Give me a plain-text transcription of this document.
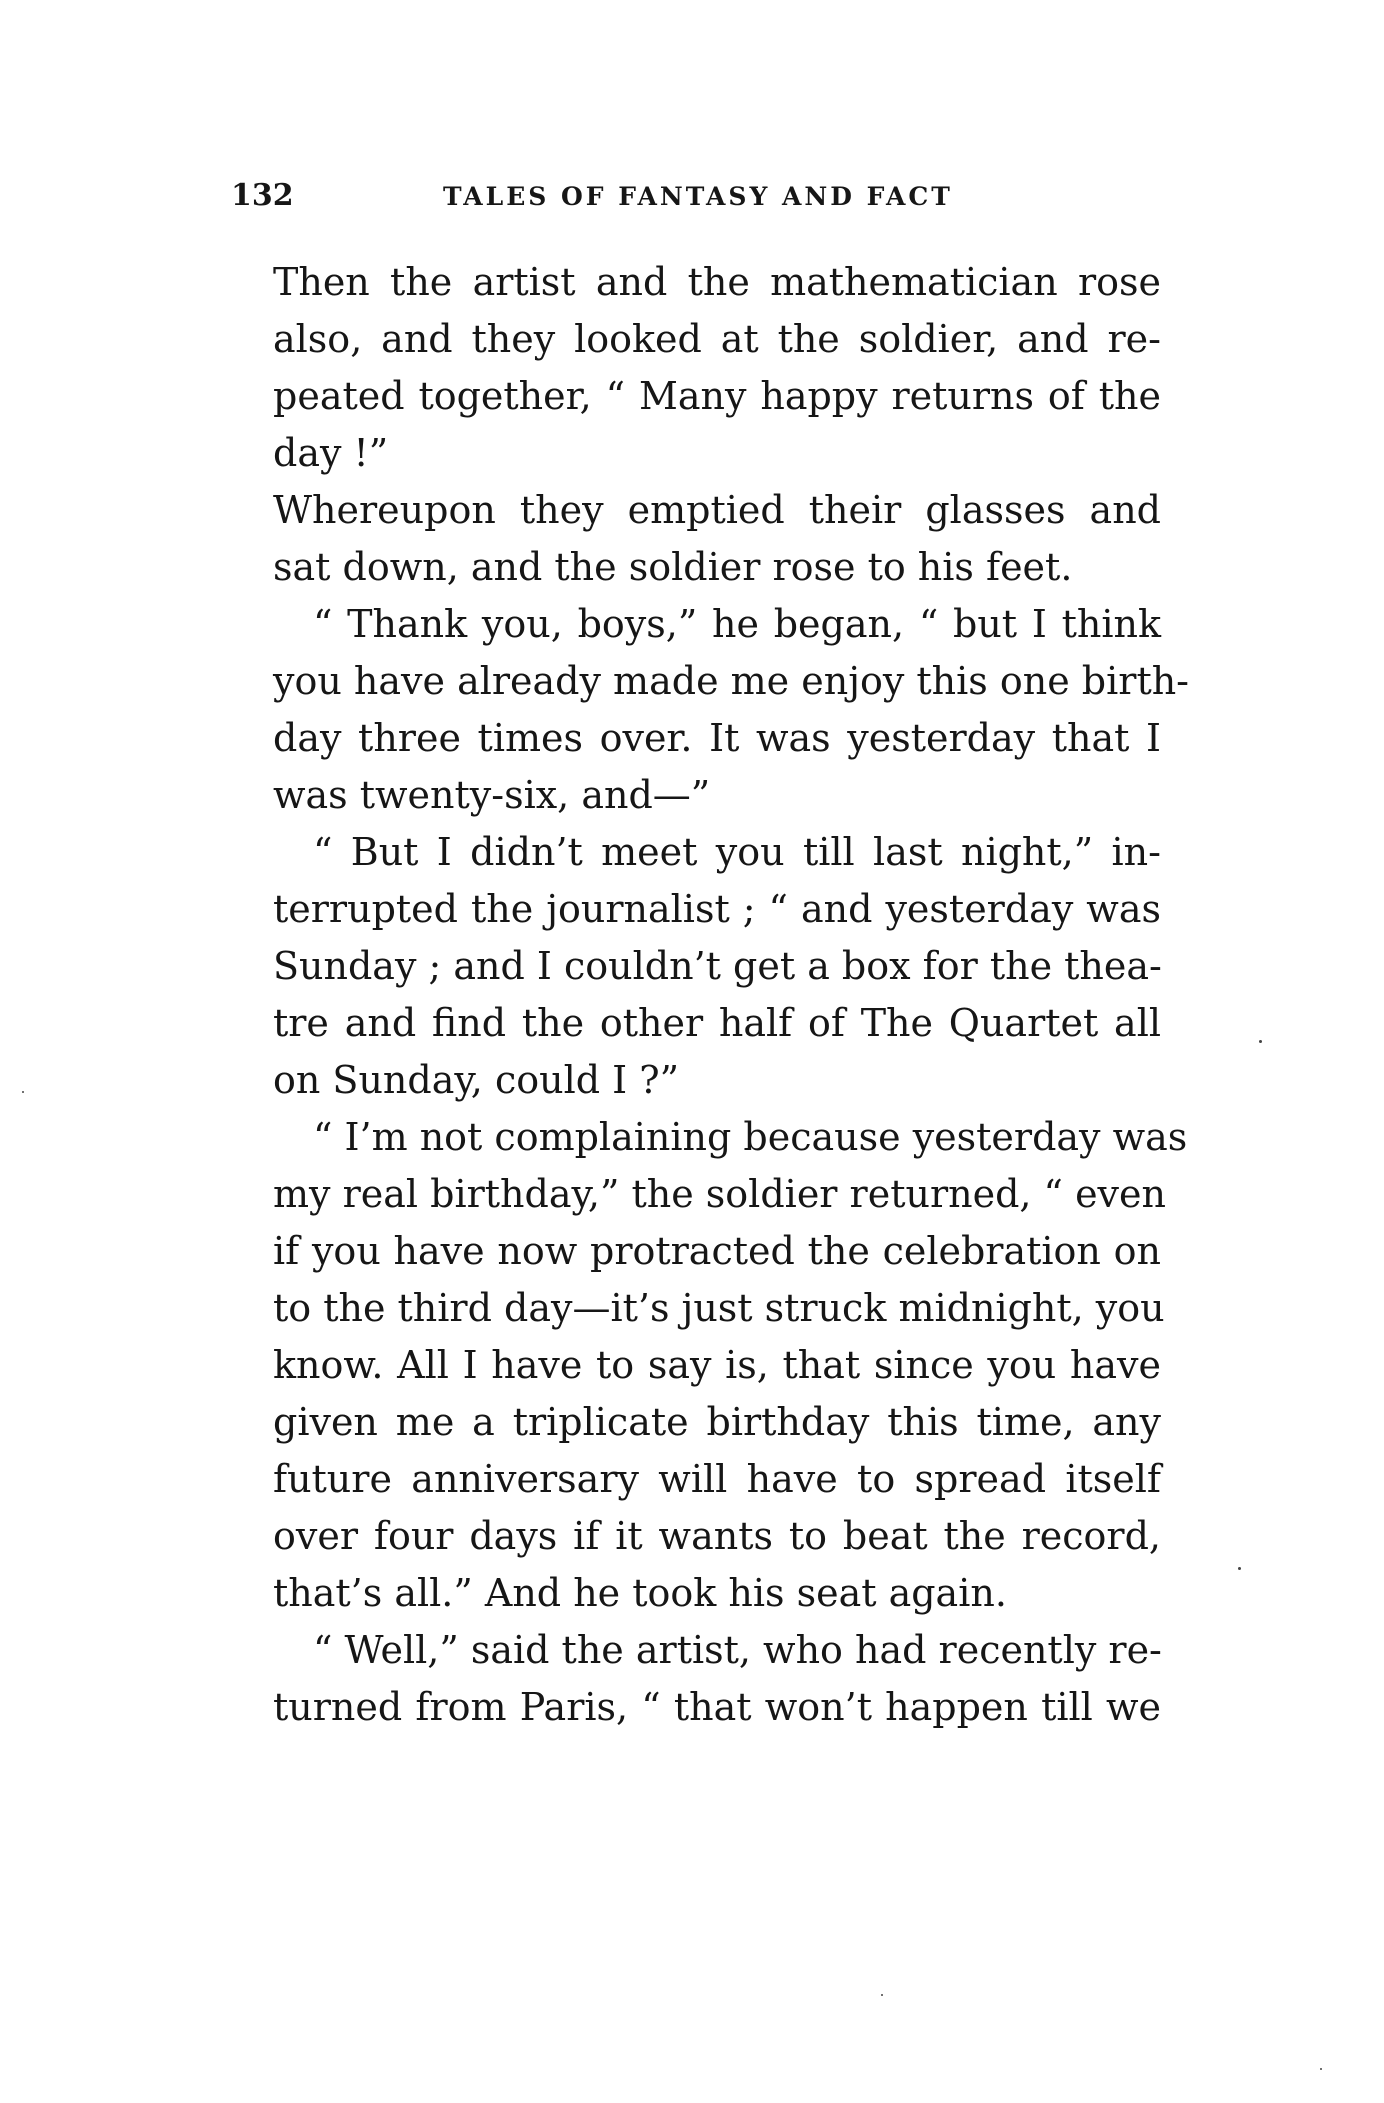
132	TALES OF FANTASY AND FACT
Then the artist and the mathematician rose
also, and they looked at the soldier, and re-
peated together, “ Many happy returns of the
day !”
Whereupon they emptied their glasses and
sat down, and the soldier rose to his feet.
“ Thank you, boys,” he began, “ but I think
you have already made me enjoy this one birth-
day three times over. It was yesterday that I
was twenty-six, and—”
“ But I didn’t meet you till last night,” in-
terrupted the journalist ; “ and yesterday was
Sunday ; and I couldn’t get a box for the thea-
tre and find the other half of The Quartet all
on Sunday, could I ?”
“ I’m not complaining because yesterday was
my real birthday,” the soldier returned, “ even
if you have now protracted the celebration on
to the third day—it’s just struck midnight, you
know. All I have to say is, that since you have
given me a triplicate birthday this time, any
future anniversary will have to spread itself
over four days if it wants to beat the record,
that’s all.” And he took his seat again.
“ Well,” said the artist, who had recently re-
turned from Paris, “ that won’t happen till we
